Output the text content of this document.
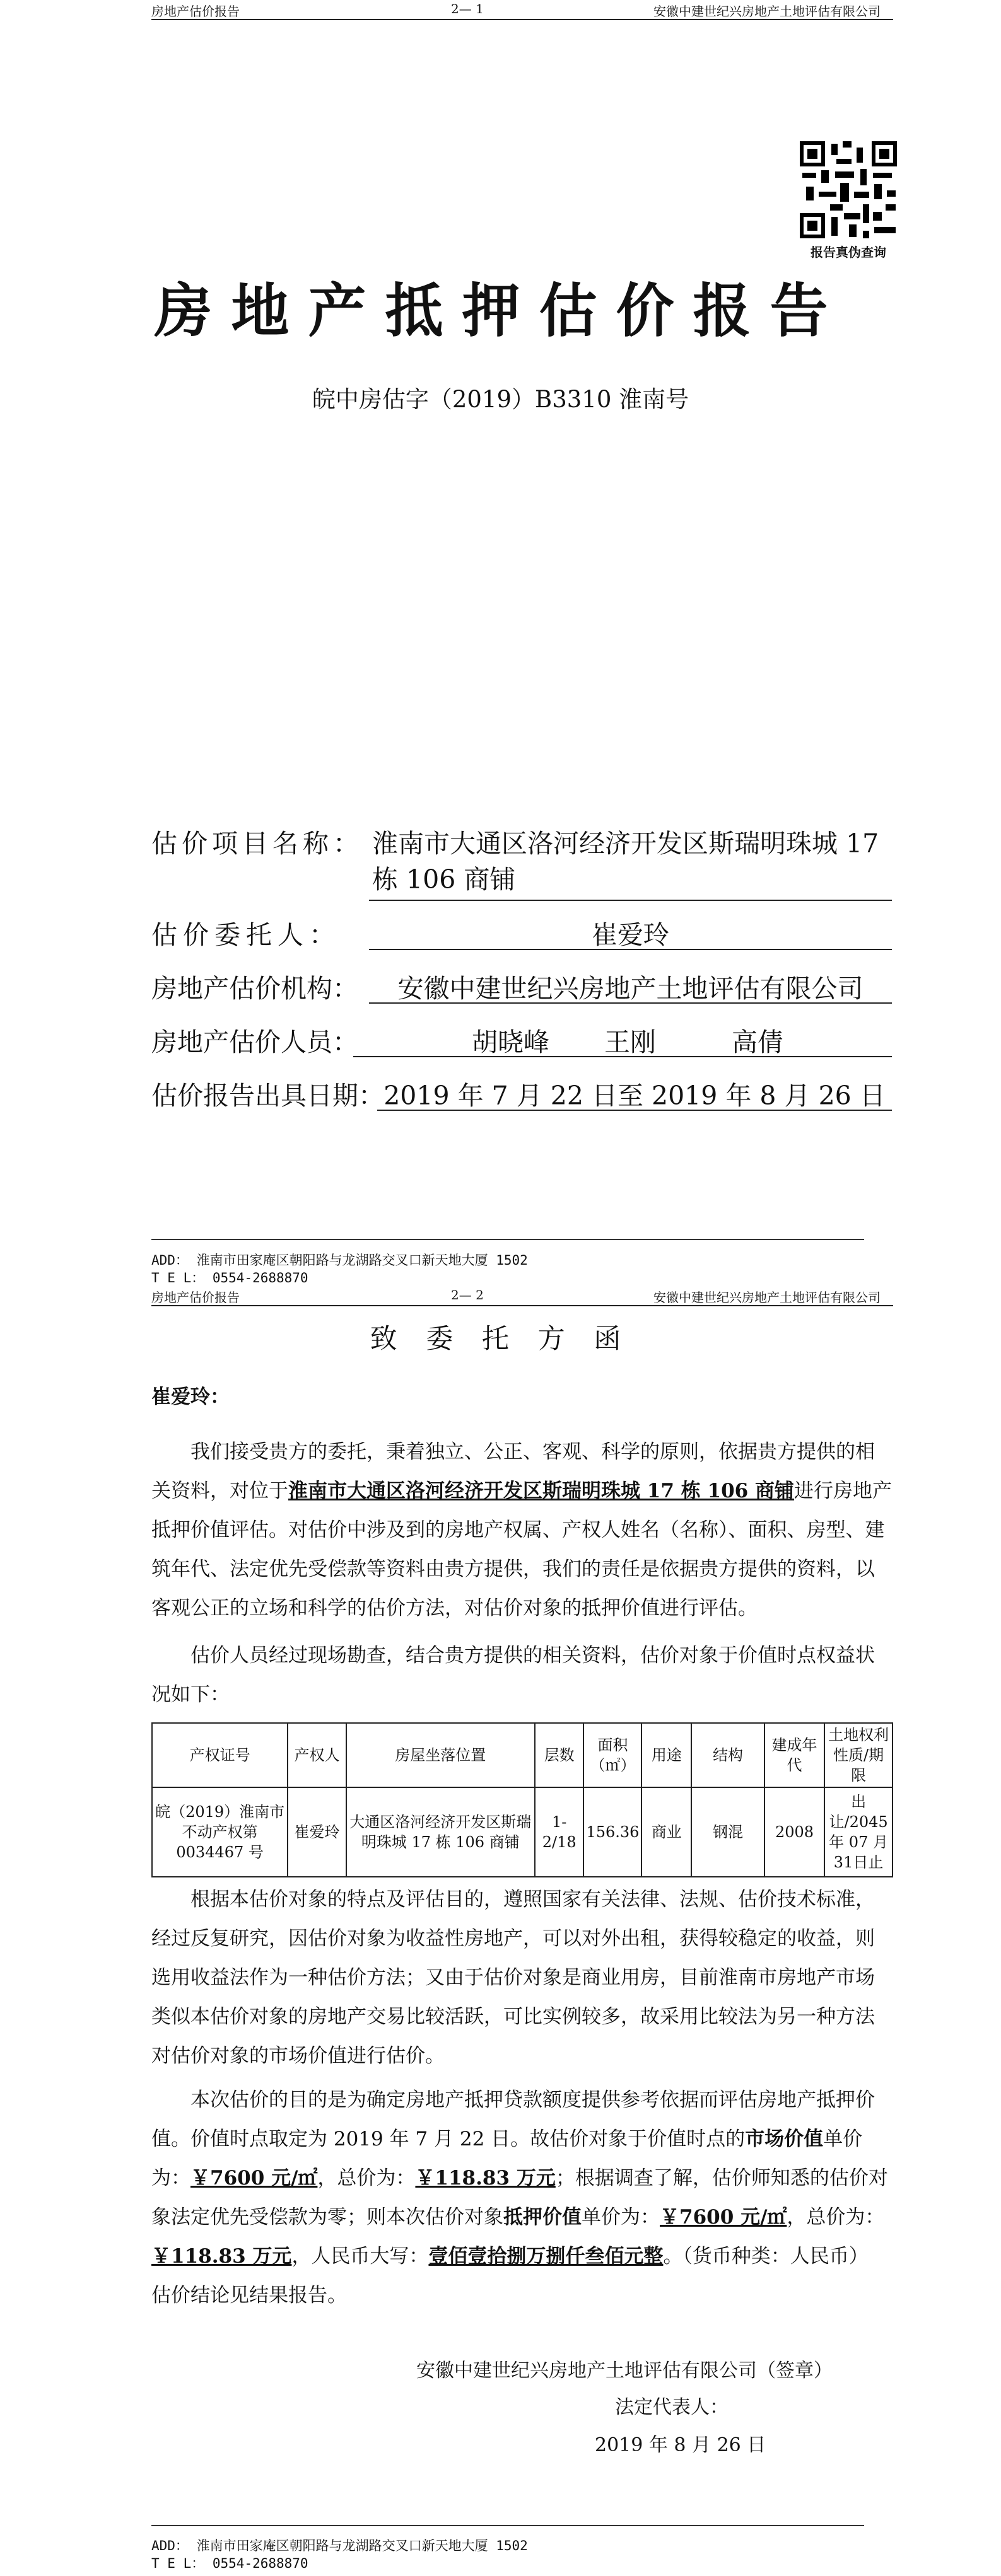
房地产估价报告	2— 1	安徽中建世纪兴房地产土地评估有限公司
报告真伪查询
房地产抵押估价报告
皖中房估字（2019）B3310 淮南号
估价项目名称： 淮南市大通区洛河经济开发区斯瑞明珠城 17
栋 106 商铺
估价委托人：	崔爱玲
房地产估价机构：	安徽中建世纪兴房地产土地评估有限公司
房地产估价人员：	胡晓峰 王刚	高倩
估价报告出具日期： 2019 年 7 月 22 日至 2019 年 8 月 26 日
ADD： 淮南市田家庵区朝阳路与龙湖路交叉口新天地大厦 1502
T E L： 0554-2688870
房地产估价报告	2— 2	安徽中建世纪兴房地产土地评估有限公司
致 委 托 方 函
崔爱玲：
我们接受贵方的委托，秉着独立、公正、客观、科学的原则，依据贵方提供的相关资料，对位于淮南市大通区洛河经济开发区斯瑞明珠城 17 栋 106 商铺进行房地产抵押价值评估。对估价中涉及到的房地产权属、产权人姓名（名称）、面积、房型、建筑年代、法定优先受偿款等资料由贵方提供，我们的责任是依据贵方提供的资料，以客观公正的立场和科学的估价方法，对估价对象的抵押价值进行评估。
估价人员经过现场勘查，结合贵方提供的相关资料，估价对象于价值时点权益状况如下：
产权证号	产权人	房屋坐落位置	层数	面积（㎡）	用途	结构	建成年代	土地权利性质/期限
皖（2019）淮南市不动产权第 0034467 号	崔爱玲	大通区洛河经济开发区斯瑞明珠城 17 栋 106 商铺	1-2/18	156.36	商业	钢混	2008	出让/2045年 07 月 31日止
根据本估价对象的特点及评估目的，遵照国家有关法律、法规、估价技术标准，经过反复研究，因估价对象为收益性房地产，可以对外出租，获得较稳定的收益，则选用收益法作为一种估价方法；又由于估价对象是商业用房，目前淮南市房地产市场类似本估价对象的房地产交易比较活跃，可比实例较多，故采用比较法为另一种方法对估价对象的市场价值进行估价。
本次估价的目的是为确定房地产抵押贷款额度提供参考依据而评估房地产抵押价值。价值时点取定为 2019 年 7 月 22 日。故估价对象于价值时点的市场价值单价为：￥7600 元/㎡，总价为：￥118.83 万元；根据调查了解，估价师知悉的估价对象法定优先受偿款为零；则本次估价对象抵押价值单价为：￥7600 元/㎡，总价为：￥118.83 万元，人民币大写：壹佰壹拾捌万捌仟叁佰元整。（货币种类：人民币）
估价结论见结果报告。
安徽中建世纪兴房地产土地评估有限公司（签章）
法定代表人：
2019 年 8 月 26 日
ADD： 淮南市田家庵区朝阳路与龙湖路交叉口新天地大厦 1502
T E L： 0554-2688870
